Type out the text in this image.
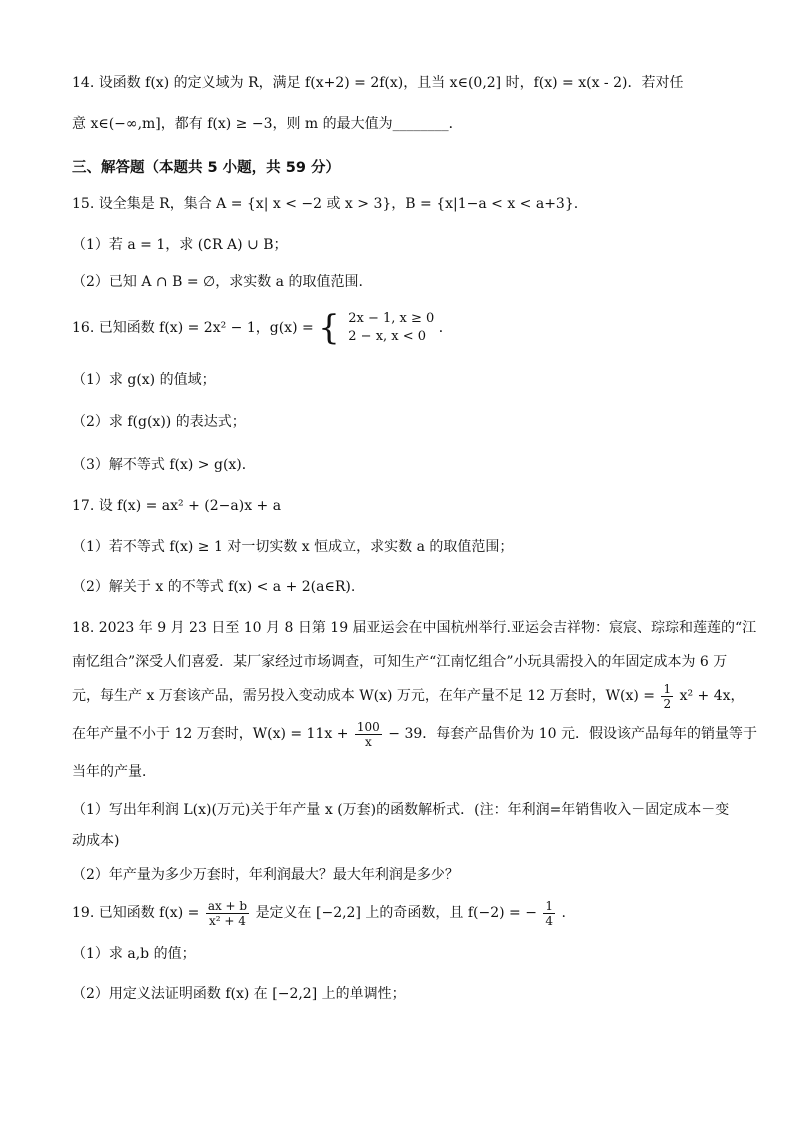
14. 设函数 f(x) 的定义域为 R，满足 f(x+2) = 2f(x)，且当 x∈(0,2] 时，f(x) = x(x - 2)．若对任
意 x∈(−∞,m]，都有 f(x) ≥ −3，则 m 的最大值为________．
三、解答题（本题共 5 小题，共 59 分）
15. 设全集是 R，集合 A = {x| x < −2 或 x > 3}，B = {x|1−a < x < a+3}.
（1）若 a = 1，求 (∁R A) ∪ B；
（2）已知 A ∩ B = ∅，求实数 a 的取值范围.
16. 已知函数 f(x) = 2x² − 1，g(x) = { 2x − 1, x ≥ 0
2 − x, x < 0
．
（1）求 g(x) 的值域；
（2）求 f(g(x)) 的表达式；
（3）解不等式 f(x) > g(x)．
17. 设 f(x) = ax² + (2−a)x + a
（1）若不等式 f(x) ≥ 1 对一切实数 x 恒成立，求实数 a 的取值范围；
（2）解关于 x 的不等式 f(x) < a + 2(a∈R).
18. 2023 年 9 月 23 日至 10 月 8 日第 19 届亚运会在中国杭州举行.亚运会吉祥物：宸宸、琮琮和莲莲的“江
南忆组合”深受人们喜爱．某厂家经过市场调查，可知生产“江南忆组合”小玩具需投入的年固定成本为 6 万
元，每生产 x 万套该产品，需另投入变动成本 W(x) 万元，在年产量不足 12 万套时，$W(x) = \frac{1}{2} x^2 + 4x$，
在年产量不小于 12 万套时，$W(x) = 11x + \frac{100}{x} - 39$．每套产品售价为 10 元．假设该产品每年的销量等于
当年的产量．
（1）写出年利润 L(x)(万元)关于年产量 x (万套)的函数解析式．(注：年利润=年销售收入－固定成本－变
动成本)
（2）年产量为多少万套时，年利润最大？最大年利润是多少？
19. 已知函数 $f(x) = \frac{ax + b}{\text{x² + 4}}$ 是定义在 [−2,2] 上的奇函数，且 f(−2) = − $\frac{1}{4}$ .
（1）求 a,b 的值；
（2）用定义法证明函数 f(x) 在 [−2,2] 上的单调性；
